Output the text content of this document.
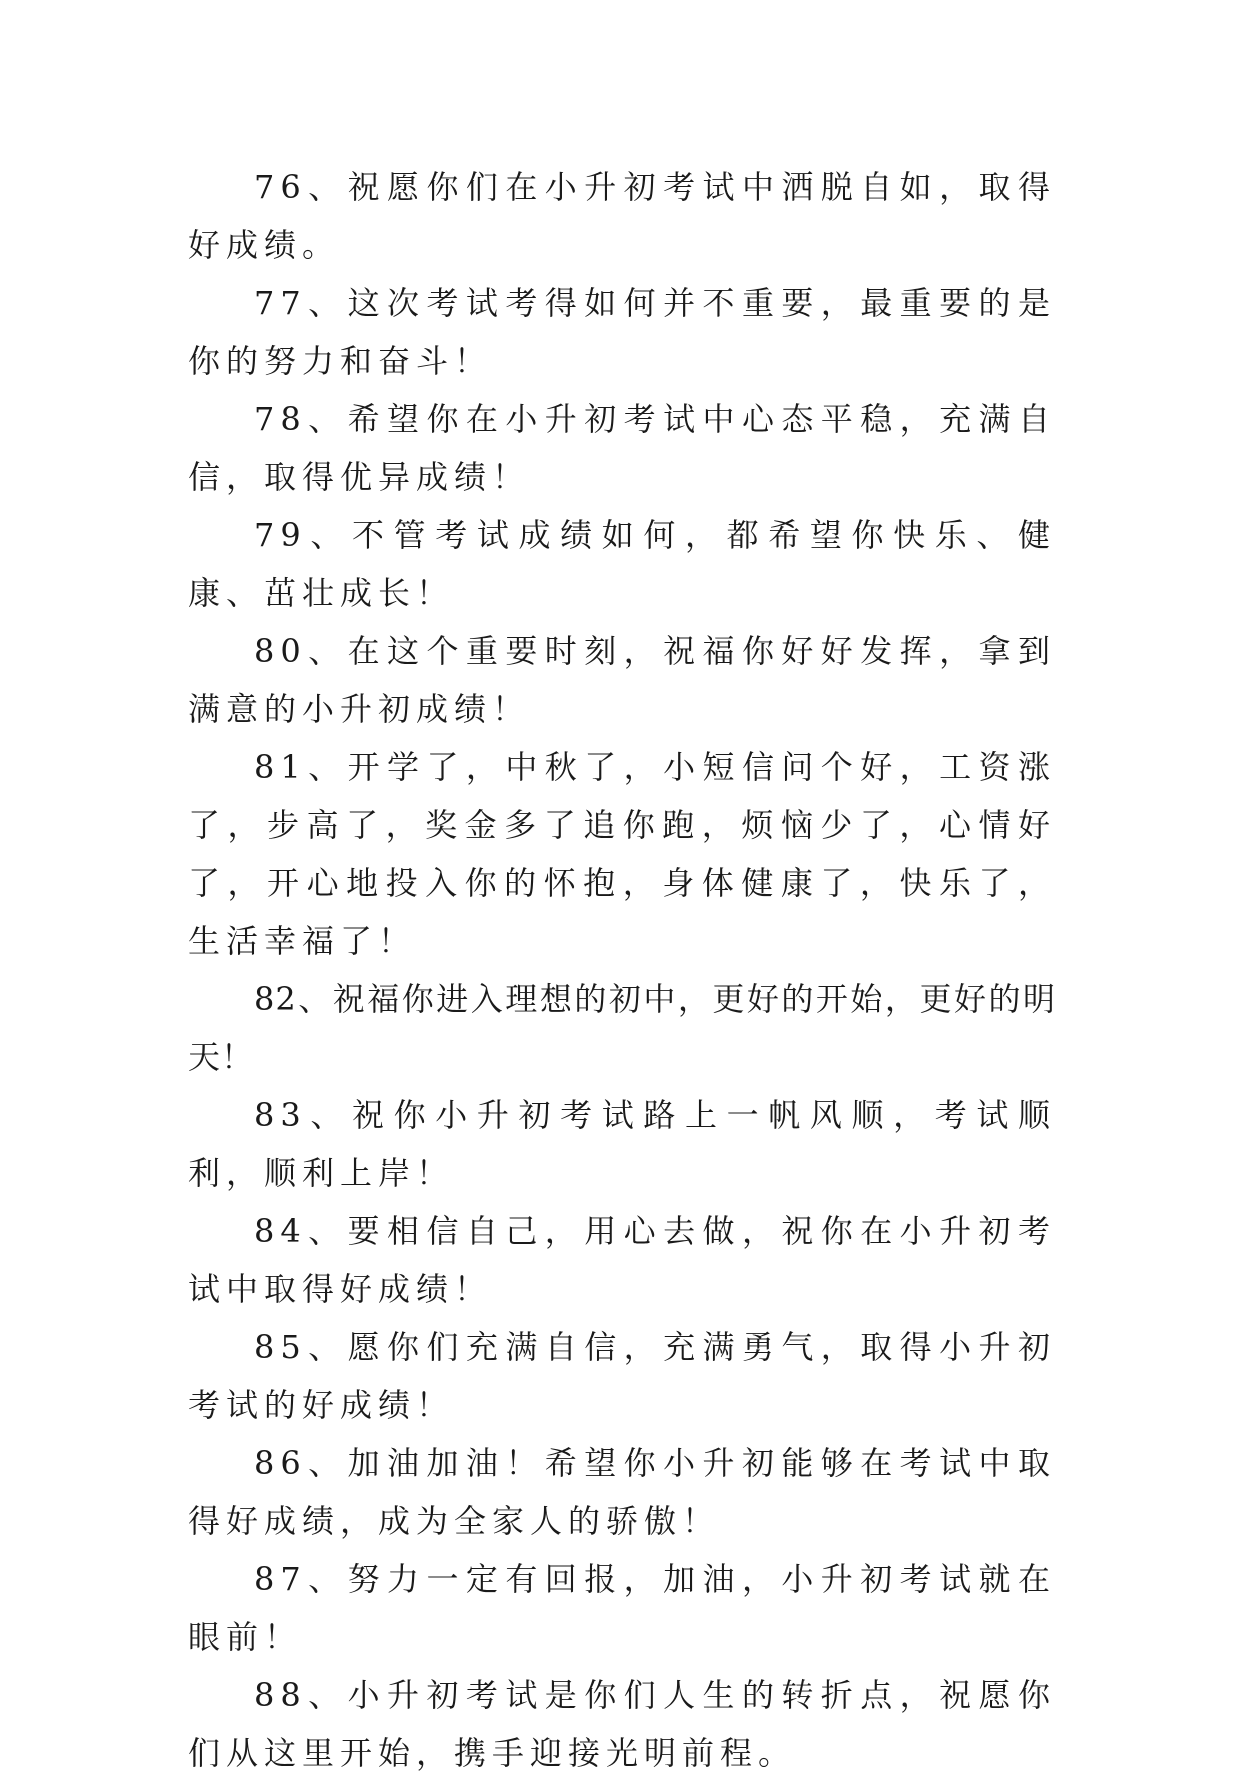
76、祝愿你们在小升初考试中洒脱自如，取得好成绩。

77、这次考试考得如何并不重要，最重要的是你的努力和奋斗！

78、希望你在小升初考试中心态平稳，充满自信，取得优异成绩！

79、不管考试成绩如何，都希望你快乐、健康、茁壮成长！

80、在这个重要时刻，祝福你好好发挥，拿到满意的小升初成绩！

81、开学了，中秋了，小短信问个好，工资涨了，步高了，奖金多了追你跑，烦恼少了，心情好了，开心地投入你的怀抱，身体健康了，快乐了，生活幸福了！

82、祝福你进入理想的初中，更好的开始，更好的明天！

83、祝你小升初考试路上一帆风顺，考试顺利，顺利上岸！

84、要相信自己，用心去做，祝你在小升初考试中取得好成绩！

85、愿你们充满自信，充满勇气，取得小升初考试的好成绩！

86、加油加油！希望你小升初能够在考试中取得好成绩，成为全家人的骄傲！

87、努力一定有回报，加油，小升初考试就在眼前！

88、小升初考试是你们人生的转折点，祝愿你们从这里开始，携手迎接光明前程。
